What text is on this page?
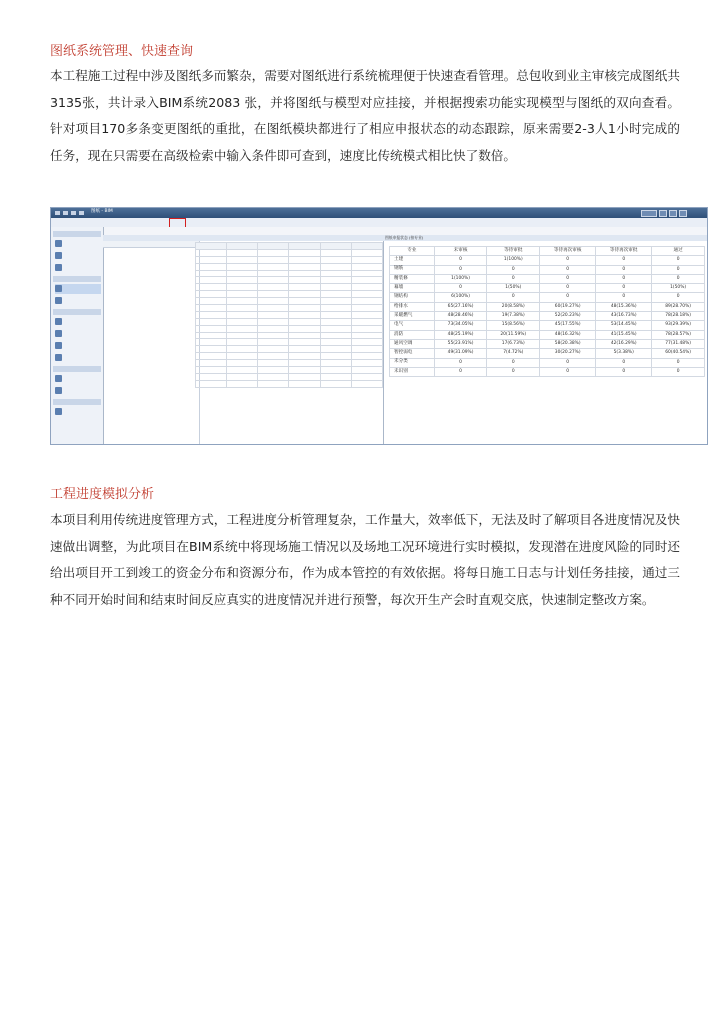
图纸系统管理、快速查询
本工程施工过程中涉及图纸多而繁杂，需要对图纸进行系统梳理便于快速查看管理。总包收到业主审核完成图纸共3135张，共计录入BIM系统2083 张，并将图纸与模型对应挂接，并根据搜索功能实现模型与图纸的双向查看。针对项目170多条变更图纸的重批，在图纸模块都进行了相应申报状态的动态跟踪，原来需要2-3人1小时完成的任务，现在只需要在高级检索中输入条件即可查到，速度比传统模式相比快了数倍。
图纸 - BIM

图纸申报状态 (按专业)
专业	未审核	等待审批	等待再次审核	等待再次审批	通过
土建	0	1(100%)	0	0	0
钢筋	0	0	0	0	0
精装修	1(100%)	0	0	0	0
幕墙	0	1(50%)	0	0	1(50%)
钢结构	6(100%)	0	0	0	0
给排水	65(27.16%)	20(8.58%)	60(19.27%)	48(15.36%)	89(28.70%)
采暖燃气	48(28.46%)	19(7.38%)	52(20.23%)	43(16.73%)	78(28.18%)
电气	73(34.05%)	15(8.56%)	45(17.55%)	53(14.45%)	93(29.39%)
消防	48(25.19%)	20(11.59%)	48(16.32%)	41(15.45%)	78(28.57%)
通风空调	55(23.91%)	17(6.73%)	58(20.38%)	42(16.29%)	77(31.48%)
智控弱电	49(31.09%)	7(4.72%)	30(20.27%)	5(3.38%)	60(40.54%)
未分类	0	0	0	0	0
未识别	0	0	0	0	0
工程进度模拟分析
本项目利用传统进度管理方式，工程进度分析管理复杂，工作量大，效率低下，无法及时了解项目各进度情况及快速做出调整，为此项目在BIM系统中将现场施工情况以及场地工况环境进行实时模拟，发现潜在进度风险的同时还给出项目开工到竣工的资金分布和资源分布，作为成本管控的有效依据。将每日施工日志与计划任务挂接，通过三种不同开始时间和结束时间反应真实的进度情况并进行预警，每次开生产会时直观交底，快速制定整改方案。
